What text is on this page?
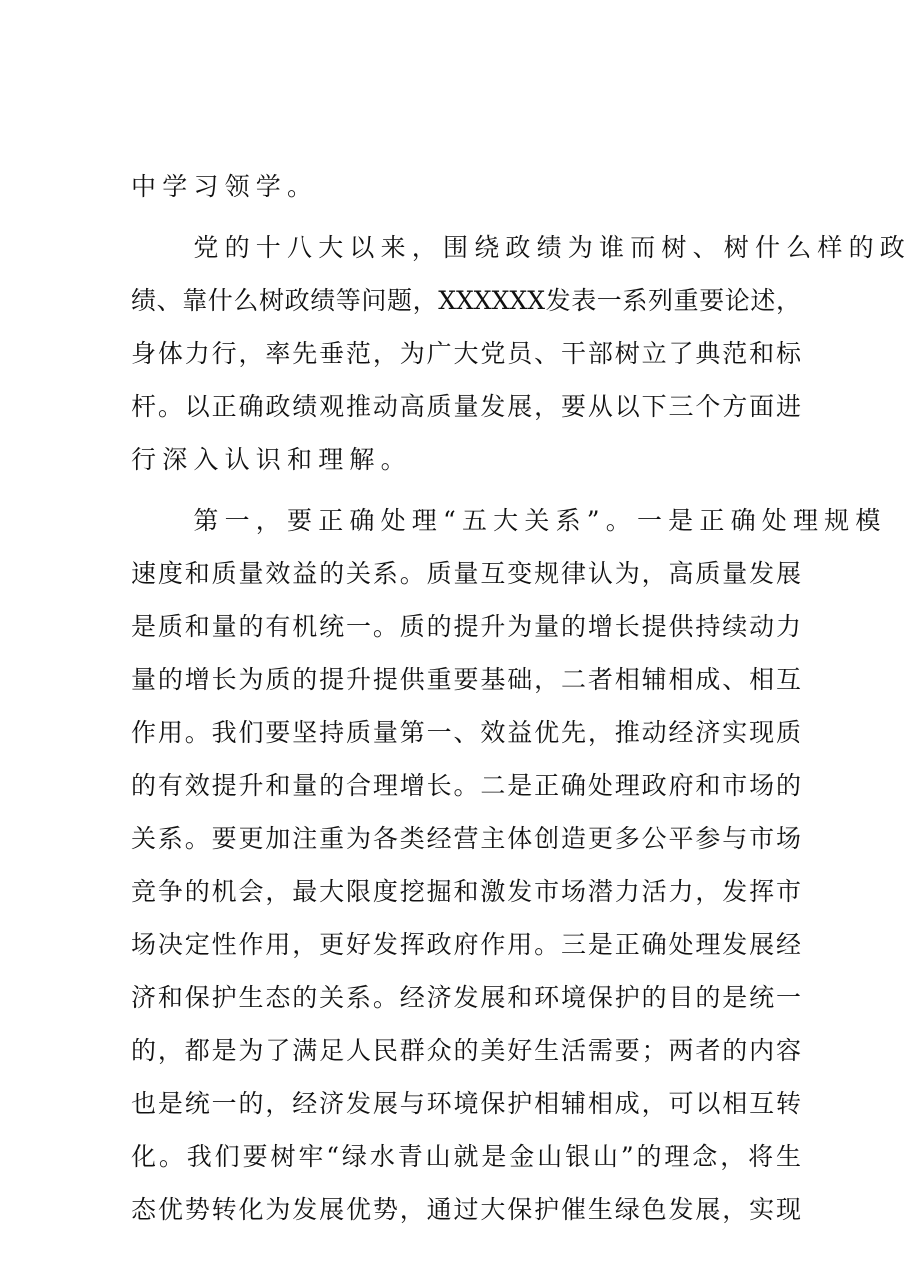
中学习领学。
　　党的十八大以来，围绕政绩为谁而树、树什么样的政
绩、靠什么树政绩等问题，XXXXXX发表一系列重要论述，
身体力行，率先垂范，为广大党员、干部树立了典范和标
杆。以正确政绩观推动高质量发展，要从以下三个方面进
行深入认识和理解。
　　第一，要正确处理“五大关系”。一是正确处理规模
速度和质量效益的关系。质量互变规律认为，高质量发展
是质和量的有机统一。质的提升为量的增长提供持续动力
量的增长为质的提升提供重要基础，二者相辅相成、相互
作用。我们要坚持质量第一、效益优先，推动经济实现质
的有效提升和量的合理增长。二是正确处理政府和市场的
关系。要更加注重为各类经营主体创造更多公平参与市场
竞争的机会，最大限度挖掘和激发市场潜力活力，发挥市
场决定性作用，更好发挥政府作用。三是正确处理发展经
济和保护生态的关系。经济发展和环境保护的目的是统一
的，都是为了满足人民群众的美好生活需要；两者的内容
也是统一的，经济发展与环境保护相辅相成，可以相互转
化。我们要树牢“绿水青山就是金山银山”的理念，将生
态优势转化为发展优势，通过大保护催生绿色发展，实现
